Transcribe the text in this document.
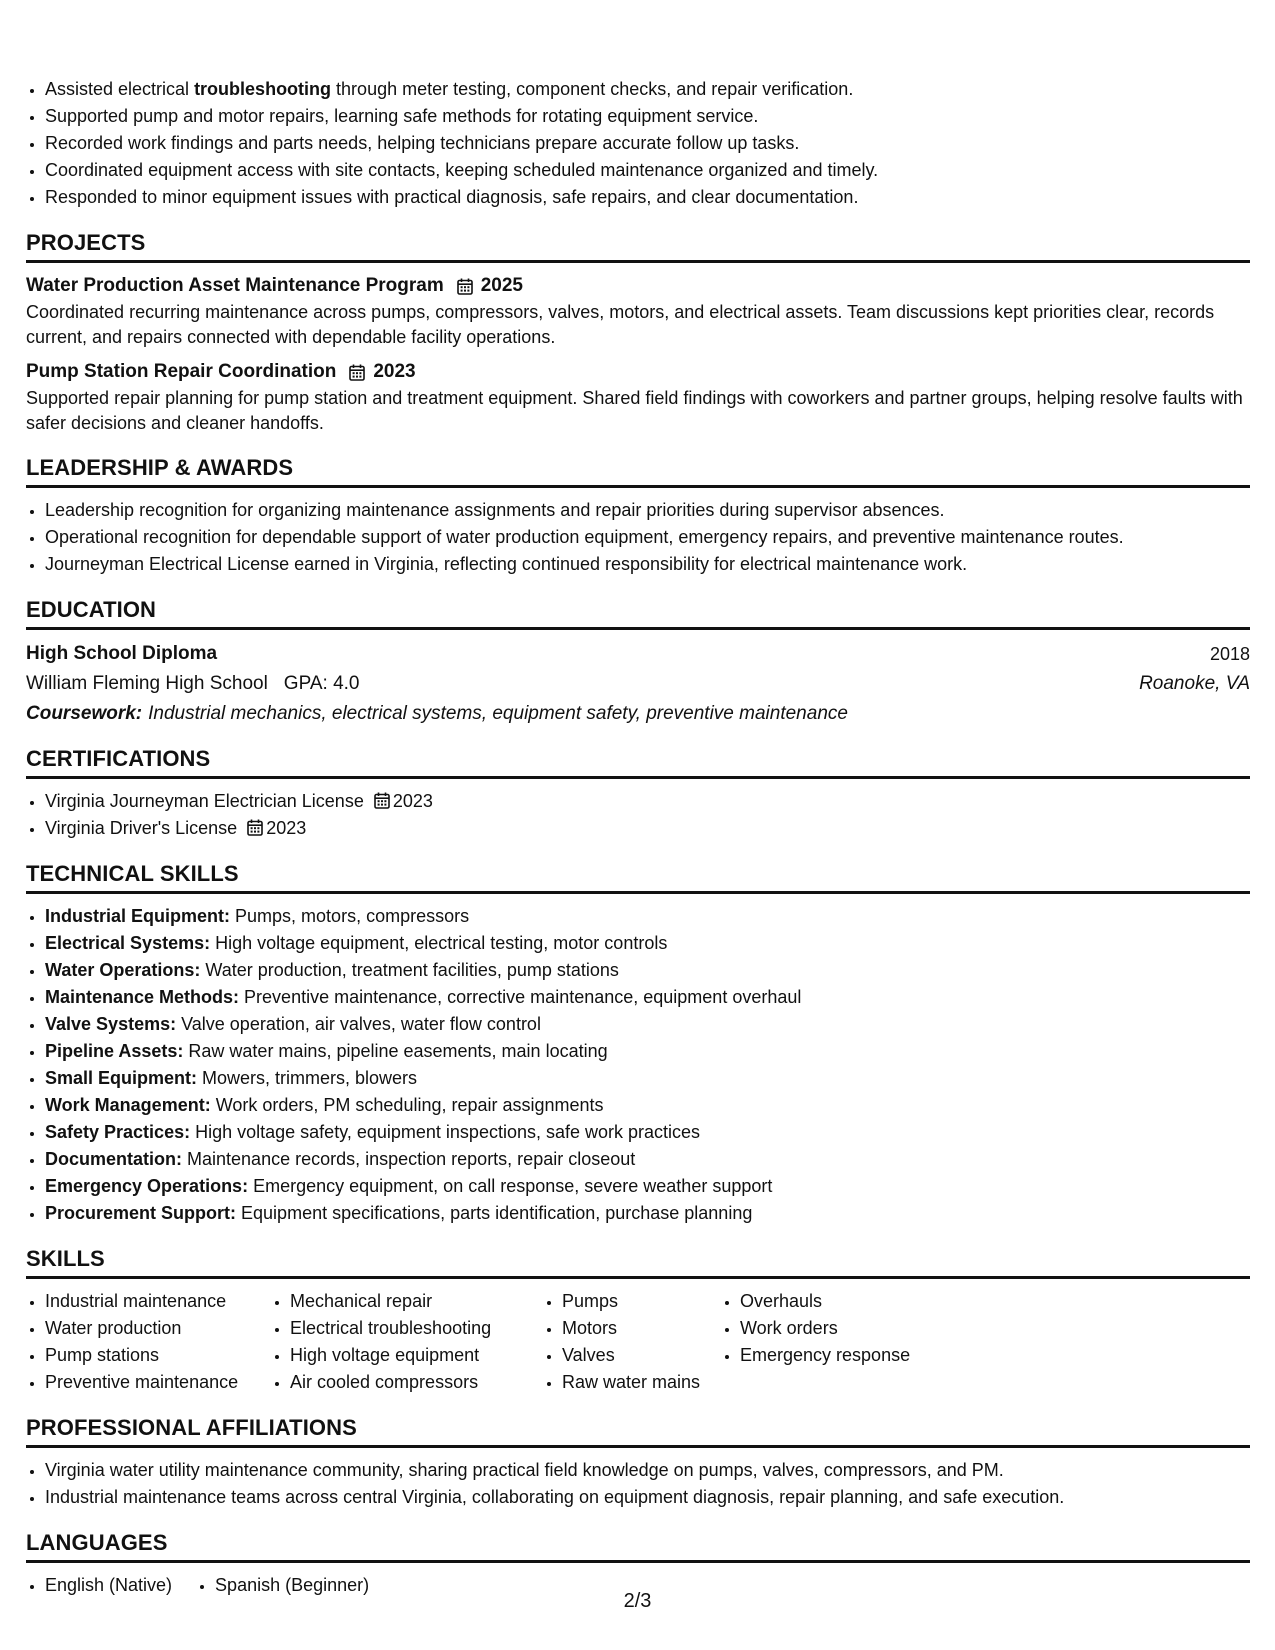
• Assisted electrical troubleshooting through meter testing, component checks, and repair verification.
• Supported pump and motor repairs, learning safe methods for rotating equipment service.
• Recorded work findings and parts needs, helping technicians prepare accurate follow up tasks.
• Coordinated equipment access with site contacts, keeping scheduled maintenance organized and timely.
• Responded to minor equipment issues with practical diagnosis, safe repairs, and clear documentation.
PROJECTS
Water Production Asset Maintenance Program 2025
Coordinated recurring maintenance across pumps, compressors, valves, motors, and electrical assets. Team discussions kept priorities clear, records current, and repairs connected with dependable facility operations.
Pump Station Repair Coordination 2023
Supported repair planning for pump station and treatment equipment. Shared field findings with coworkers and partner groups, helping resolve faults with safer decisions and cleaner handoffs.
LEADERSHIP & AWARDS
• Leadership recognition for organizing maintenance assignments and repair priorities during supervisor absences.
• Operational recognition for dependable support of water production equipment, emergency repairs, and preventive maintenance routes.
• Journeyman Electrical License earned in Virginia, reflecting continued responsibility for electrical maintenance work.
EDUCATION
High School Diploma	2018
William Fleming High School GPA: 4.0	Roanoke, VA
Coursework: Industrial mechanics, electrical systems, equipment safety, preventive maintenance
CERTIFICATIONS
• Virginia Journeyman Electrician License 2023
• Virginia Driver's License 2023
TECHNICAL SKILLS
• Industrial Equipment: Pumps, motors, compressors
• Electrical Systems: High voltage equipment, electrical testing, motor controls
• Water Operations: Water production, treatment facilities, pump stations
• Maintenance Methods: Preventive maintenance, corrective maintenance, equipment overhaul
• Valve Systems: Valve operation, air valves, water flow control
• Pipeline Assets: Raw water mains, pipeline easements, main locating
• Small Equipment: Mowers, trimmers, blowers
• Work Management: Work orders, PM scheduling, repair assignments
• Safety Practices: High voltage safety, equipment inspections, safe work practices
• Documentation: Maintenance records, inspection reports, repair closeout
• Emergency Operations: Emergency equipment, on call response, severe weather support
• Procurement Support: Equipment specifications, parts identification, purchase planning
SKILLS
• Industrial maintenance
• Water production
• Pump stations
• Preventive maintenance
• Mechanical repair
• Electrical troubleshooting
• High voltage equipment
• Air cooled compressors
• Pumps
• Motors
• Valves
• Raw water mains
• Overhauls
• Work orders
• Emergency response
PROFESSIONAL AFFILIATIONS
• Virginia water utility maintenance community, sharing practical field knowledge on pumps, valves, compressors, and PM.
• Industrial maintenance teams across central Virginia, collaborating on equipment diagnosis, repair planning, and safe execution.
LANGUAGES
• English (Native)
• Spanish (Beginner)
2/3
